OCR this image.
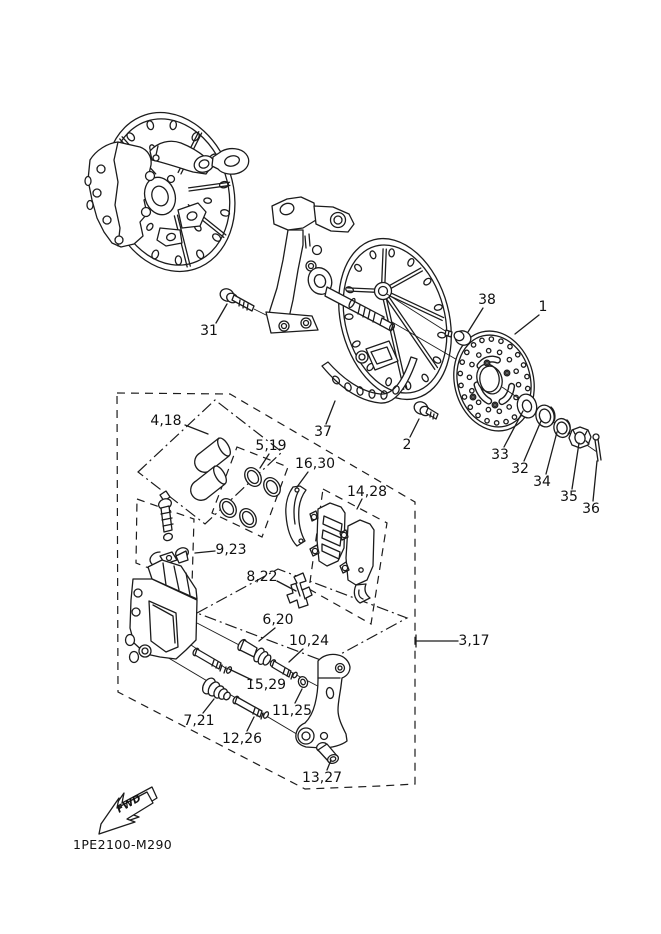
FWD
1PE2100-M290
31
38	1
37
2
33
32
34
35
36
4,18
5,19
16,30
14,28
9,23
8,22
6,20
10,24
15,29
11,25
7,21
12,26
13,27
3,17
